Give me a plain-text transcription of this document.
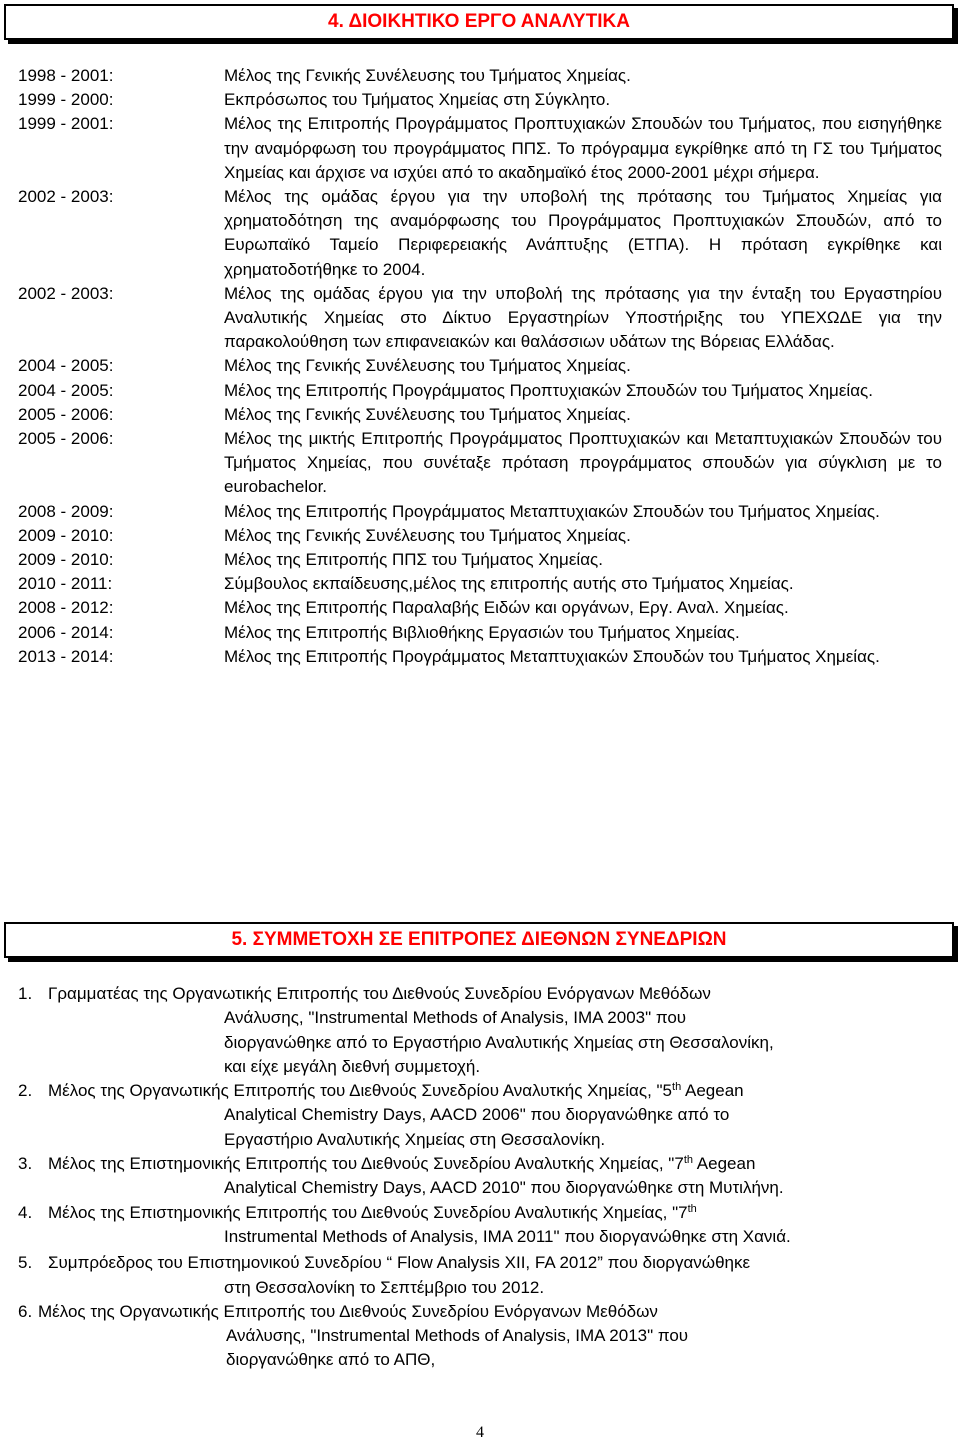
4. ΔΙΟΙΚΗΤΙΚΟ ΕΡΓΟ ΑΝΑΛΥΤΙΚΑ
1998 - 2001:	Μέλος της Γενικής Συνέλευσης του Τμήματος Χημείας.
1999 - 2000:	Εκπρόσωπος του Τμήματος Χημείας στη Σύγκλητο.
1999 - 2001:	Μέλος της Επιτροπής Προγράμματος Προπτυχιακών Σπουδών του Τμήματος, που εισηγήθηκε την αναμόρφωση του προγράμματος ΠΠΣ. Το πρόγραμμα εγκρίθηκε από τη ΓΣ του Τμήματος Χημείας και άρχισε να ισχύει από το ακαδημαϊκό έτος 2000-2001 μέχρι σήμερα.
2002 - 2003:	Μέλος της ομάδας έργου για την υποβολή της πρότασης του Τμήματος Χημείας για χρηματοδότηση της αναμόρφωσης του Προγράμματος Προπτυχιακών Σπουδών, από το Ευρωπαϊκό Ταμείο Περιφερειακής Ανάπτυξης (ΕΤΠΑ). Η πρόταση εγκρίθηκε και χρηματοδοτήθηκε το 2004.
2002 - 2003:	Μέλος της ομάδας έργου για την υποβολή της πρότασης για την ένταξη του Εργαστηρίου Αναλυτικής Χημείας στο Δίκτυο Εργαστηρίων Υποστήριξης του ΥΠΕΧΩΔΕ για την παρακολούθηση των επιφανειακών και θαλάσσιων υδάτων της Βόρειας Ελλάδας.
2004 - 2005:	Μέλος της Γενικής Συνέλευσης του Τμήματος Χημείας.
2004 - 2005:	Μέλος της Επιτροπής Προγράμματος Προπτυχιακών Σπουδών του Τμήματος Χημείας.
2005 - 2006:	Μέλος της Γενικής Συνέλευσης του Τμήματος Χημείας.
2005 - 2006:	Μέλος της μικτής Επιτροπής Προγράμματος Προπτυχιακών και Μεταπτυχιακών Σπουδών του Τμήματος Χημείας, που συνέταξε πρόταση προγράμματος σπουδών για σύγκλιση με το eurobachelor.
2008 - 2009:	Μέλος της Επιτροπής Προγράμματος Μεταπτυχιακών Σπουδών του Τμήματος Χημείας.
2009 - 2010:	Μέλος της Γενικής Συνέλευσης του Τμήματος Χημείας.
2009 - 2010:	Μέλος της Επιτροπής ΠΠΣ του Τμήματος Χημείας.
2010 - 2011:	Σύμβουλος εκπαίδευσης,μέλος της επιτροπής αυτής στο Τμήματος Χημείας.
2008 - 2012:	Μέλος της Επιτροπής Παραλαβής Ειδών και οργάνων, Εργ. Αναλ. Χημείας.
2006 - 2014:	Μέλος της Επιτροπής Βιβλιοθήκης Εργασιών του Τμήματος Χημείας.
2013 - 2014:	Μέλος της Επιτροπής Προγράμματος Μεταπτυχιακών Σπουδών του Τμήματος Χημείας.
5. ΣΥΜΜΕΤΟΧΗ ΣΕ ΕΠΙΤΡΟΠΕΣ ΔΙΕΘΝΩΝ ΣΥΝΕΔΡΙΩΝ
1. Γραμματέας της Οργανωτικής Επιτροπής του Διεθνούς Συνεδρίου Ενόργανων Μεθόδων
Ανάλυσης, "Instrumental Methods of Analysis, IMA 2003" που
διοργανώθηκε από το Εργαστήριο Αναλυτικής Χημείας στη Θεσσαλονίκη,
και είχε μεγάλη διεθνή συμμετοχή.
2. Μέλος της Οργανωτικής Επιτροπής του Διεθνούς Συνεδρίου Αναλυτκής Χημείας, "5th Aegean
Analytical Chemistry Days, AACD 2006" που διοργανώθηκε από το
Εργαστήριο Αναλυτικής Χημείας στη Θεσσαλονίκη.
3. Μέλος της Επιστημονικής Επιτροπής του Διεθνούς Συνεδρίου Αναλυτκής Χημείας, "7th Aegean
Analytical Chemistry Days, AACD 2010" που διοργανώθηκε στη Μυτιλήνη.
4. Μέλος της Επιστημονικής Επιτροπής του Διεθνούς Συνεδρίου Αναλυτικής Χημείας, "7th
Instrumental Methods of Analysis, IMA 2011" που διοργανώθηκε στη Χανιά.
5. Συμπρόεδρος του Επιστημονικού Συνεδρίου “ Flow Analysis XII, FA 2012” που διοργανώθηκε
στη Θεσσαλονίκη το Σεπτέμβριο του 2012.
6. Μέλος της Οργανωτικής Επιτροπής του Διεθνούς Συνεδρίου Ενόργανων Μεθόδων
Ανάλυσης, "Instrumental Methods of Analysis, IMA 2013" που
διοργανώθηκε από το ΑΠΘ,
4
